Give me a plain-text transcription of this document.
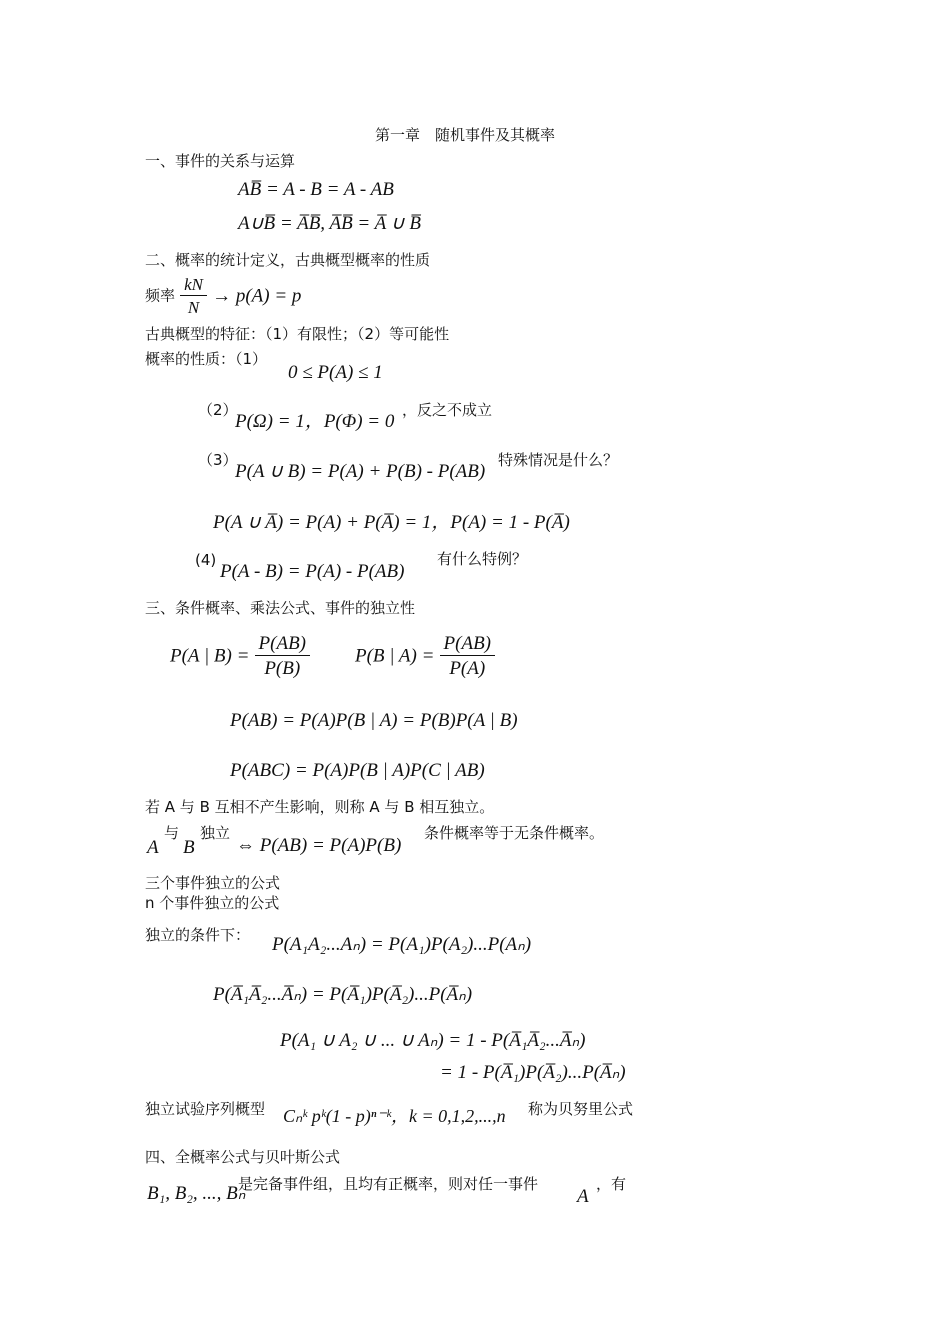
第一章　随机事件及其概率
一、事件的关系与运算
AB̅ = A - B = A - AB
A∪B̅ = A̅B̅, A̅B̅ = A̅ ∪ B̅
二、概率的统计定义，古典概型概率的性质
频率 $\frac{kN}{N} \to p(A) = p$
古典概型的特征：（1）有限性；（2）等可能性
概率的性质：（1）
0 ≤ P(A) ≤ 1
（2）
P(Ω) = 1，P(Φ) = 0
，反之不成立
（3）
P(A ∪ B) = P(A) + P(B) - P(AB)
特殊情况是什么？
P(A ∪ A̅) = P(A) + P(A̅) = 1，P(A) = 1 - P(A̅)
(4)
P(A - B) = P(A) - P(AB)
有什么特例？
三、条件概率、乘法公式、事件的独立性
P(A | $B) = \frac{P(AB)}{P(B)} P(B$ | $A) = \frac{P(AB)}{P(A)}$
P(AB) = P(A)P(B | A) = P(B)P(A | B)
P(ABC) = P(A)P(B | A)P(C | AB)
若 A 与 B 互相不产生影响，则称 A 与 B 相互独立。
A
与
B
独立
⇔ P(AB) = P(A)P(B)
条件概率等于无条件概率。
三个事件独立的公式
n 个事件独立的公式
独立的条件下： P(A₁A₂...Aₙ) = P(A₁)P(A₂)...P(Aₙ)
P(A̅₁A̅₂...A̅ₙ) = P(A̅₁)P(A̅₂)...P(A̅ₙ)
P(A₁ ∪ A₂ ∪ ... ∪ Aₙ) = 1 - P(A̅₁A̅₂...A̅ₙ)
= 1 - P(A̅₁)P(A̅₂)...P(A̅ₙ)
独立试验序列概型 Cₙᵏ pᵏ(1 - p)ⁿ⁻ᵏ，k = 0,1,2,...,n 称为贝努里公式
四、全概率公式与贝叶斯公式
B₁, B₂, ..., Bₙ
是完备事件组，且均有正概率，则对任一事件
A
，有
